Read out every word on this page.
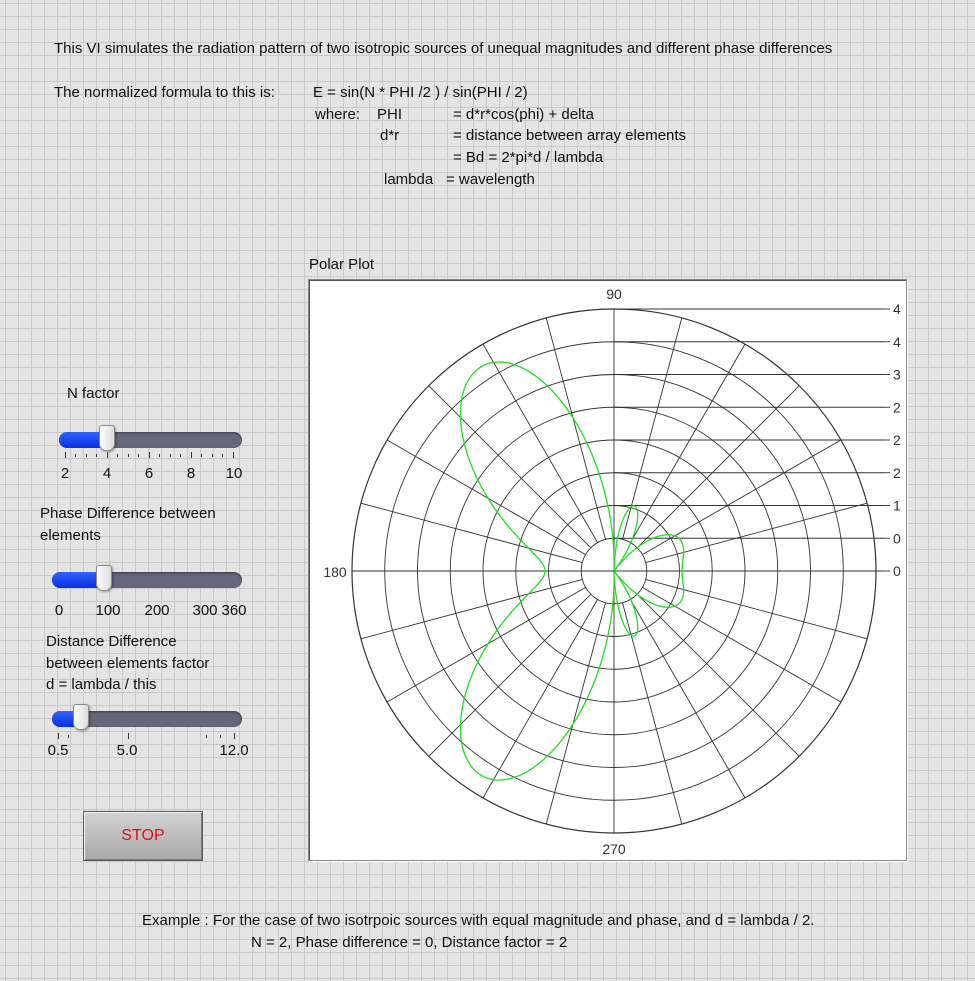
This VI simulates the radiation pattern of two isotropic sources of unequal magnitudes and different phase differences
The normalized formula to this is:	E = sin(N * PHI /2 ) / sin(PHI / 2)
where: PHI	= d*r*cos(phi) + delta
d*r	= distance between array elements
= Bd = 2*pi*d / lambda
lambda = wavelength
N factor
2 4 6 8 10
Phase Difference between
elements
0 100 200 300 360
Distance Difference
between elements factor
d = lambda / this
0.5	5.0	12.0
STOP
Polar Plot
90
180
270
4
4
3
2
2
2
1
0
0
Example : For the case of two isotrpoic sources with equal magnitude and phase, and d = lambda / 2.
N = 2, Phase difference = 0, Distance factor = 2
